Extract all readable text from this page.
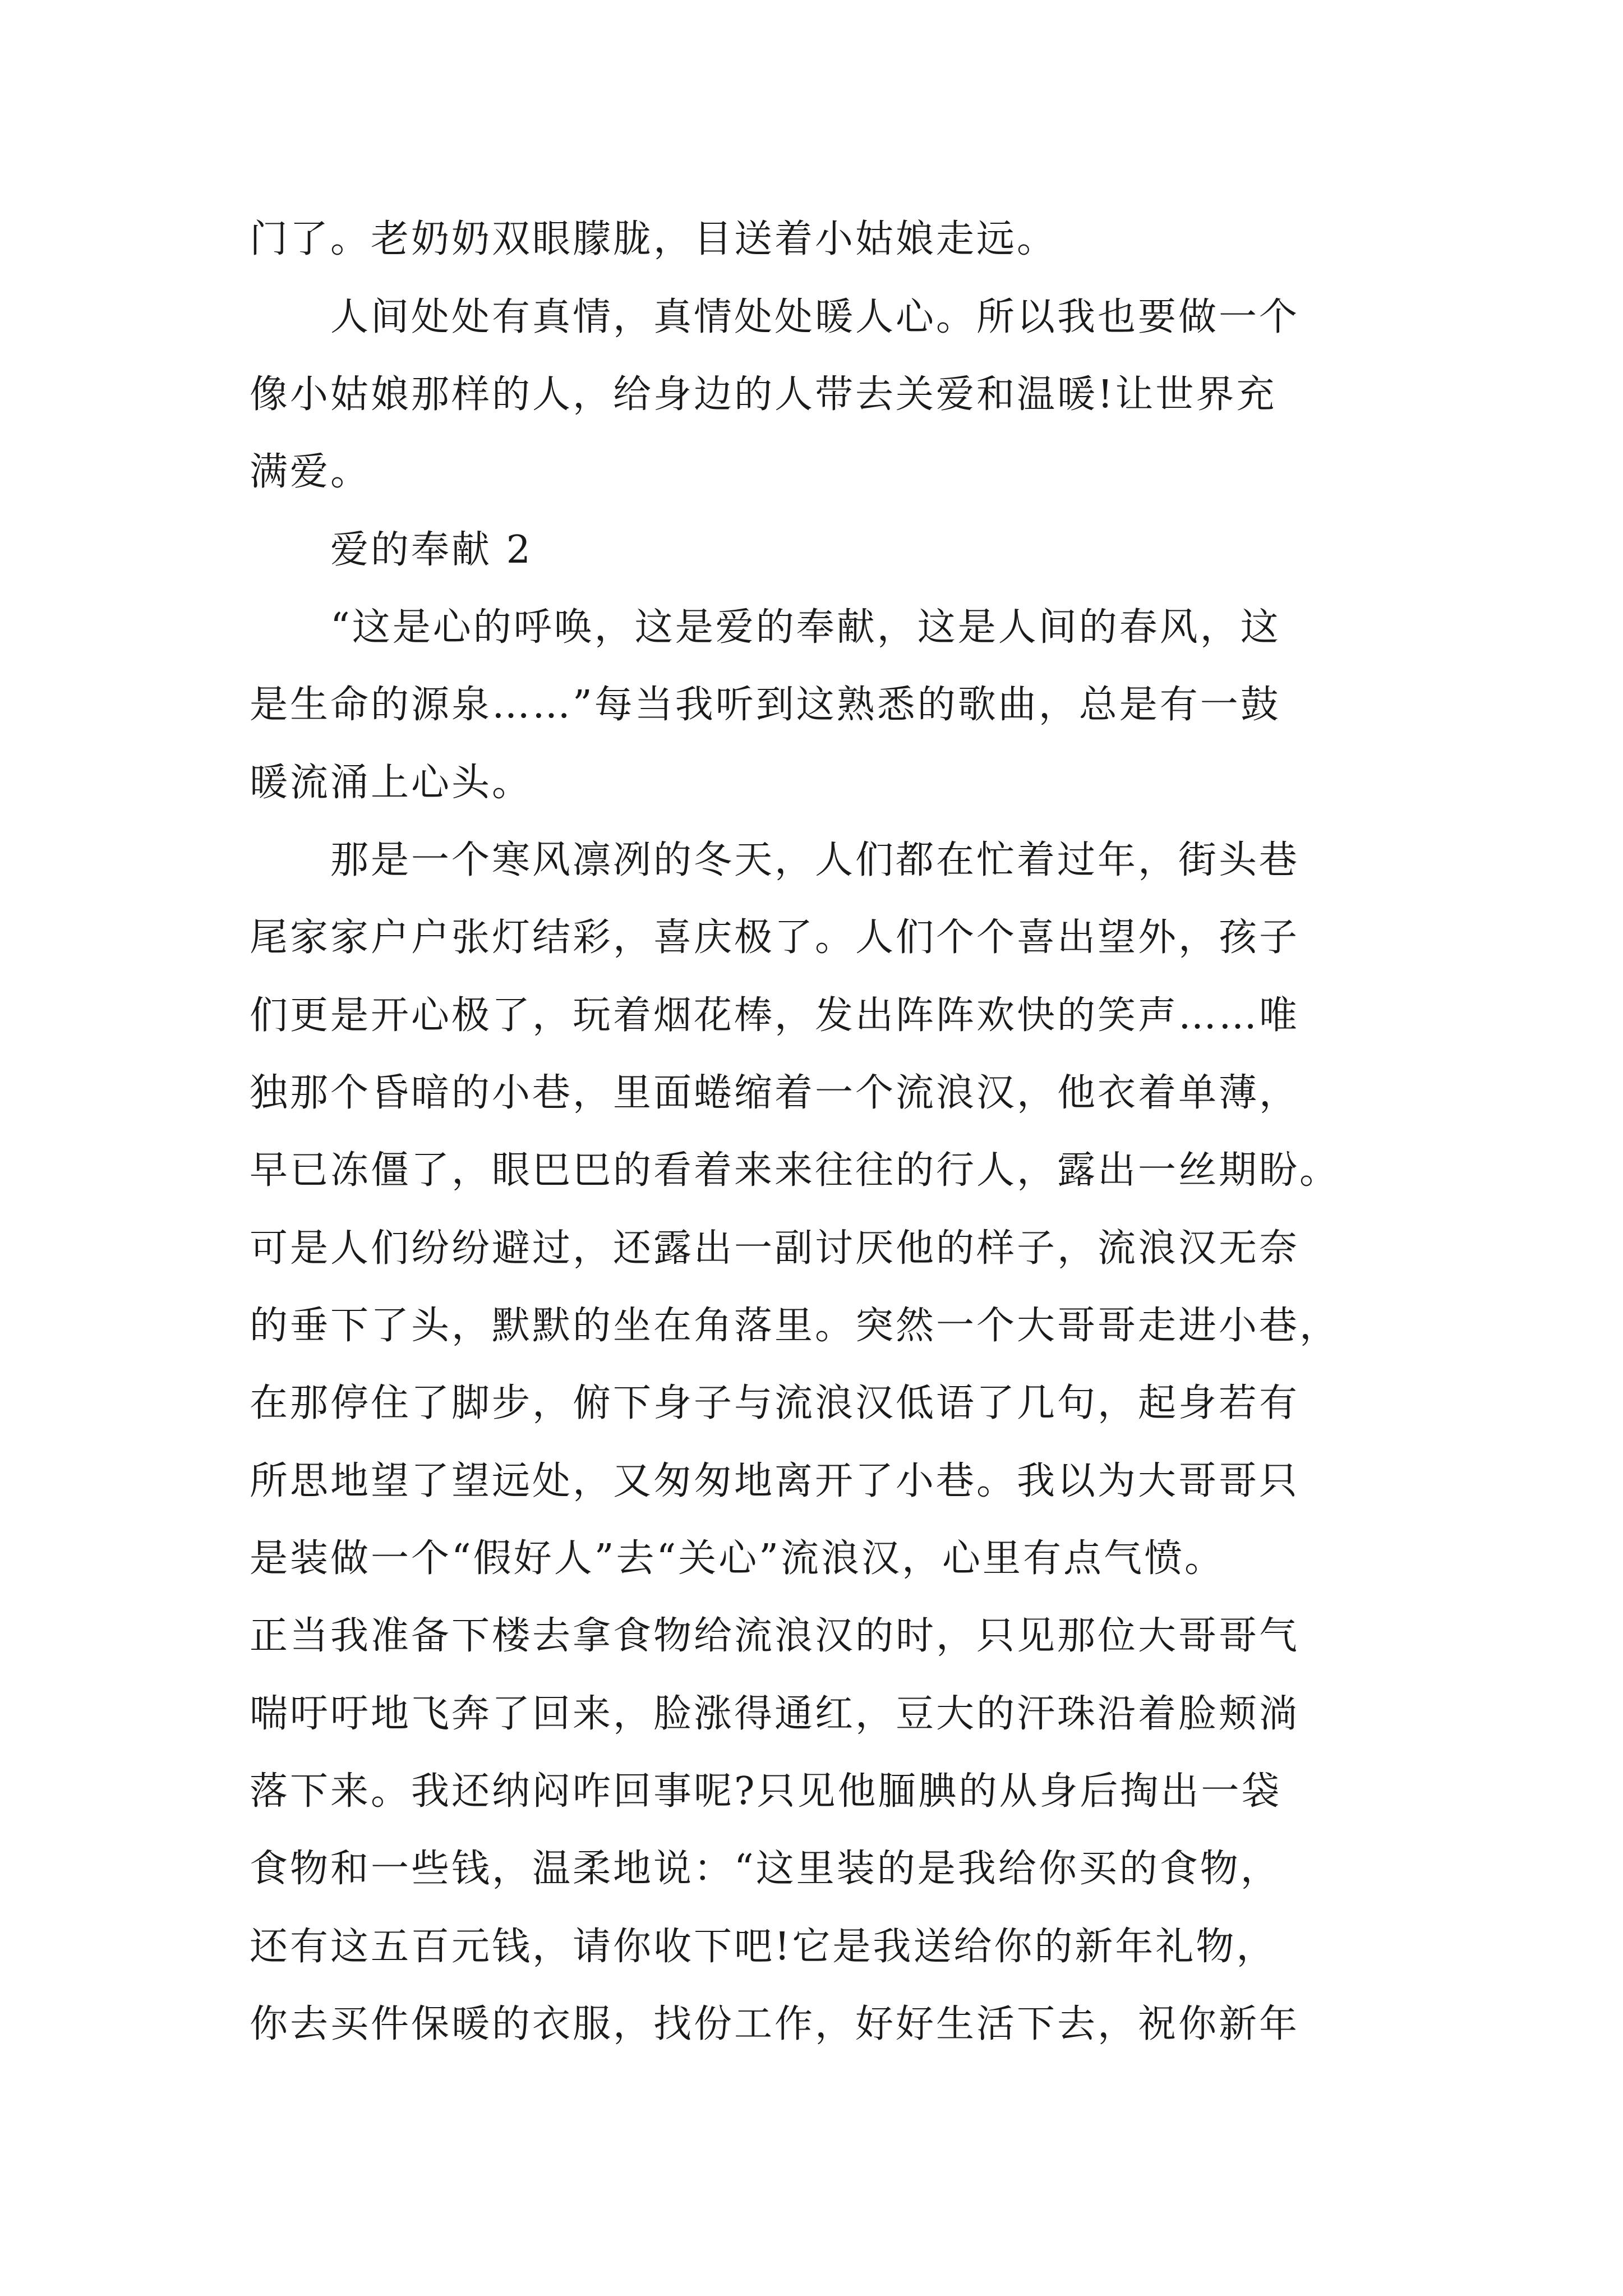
门了。老奶奶双眼朦胧，目送着小姑娘走远。
　　人间处处有真情，真情处处暖人心。所以我也要做一个
像小姑娘那样的人，给身边的人带去关爱和温暖!让世界充
满爱。
　　爱的奉献 2
　　“这是心的呼唤，这是爱的奉献，这是人间的春风，这
是生命的源泉……”每当我听到这熟悉的歌曲，总是有一鼓
暖流涌上心头。
　　那是一个寒风凛冽的冬天，人们都在忙着过年，街头巷
尾家家户户张灯结彩，喜庆极了。人们个个喜出望外，孩子
们更是开心极了，玩着烟花棒，发出阵阵欢快的笑声……唯
独那个昏暗的小巷，里面蜷缩着一个流浪汉，他衣着单薄，
早已冻僵了，眼巴巴的看着来来往往的行人，露出一丝期盼。
可是人们纷纷避过，还露出一副讨厌他的样子，流浪汉无奈
的垂下了头，默默的坐在角落里。突然一个大哥哥走进小巷，
在那停住了脚步，俯下身子与流浪汉低语了几句，起身若有
所思地望了望远处，又匆匆地离开了小巷。我以为大哥哥只
是装做一个“假好人”去“关心”流浪汉，心里有点气愤。
正当我准备下楼去拿食物给流浪汉的时，只见那位大哥哥气
喘吁吁地飞奔了回来，脸涨得通红，豆大的汗珠沿着脸颊淌
落下来。我还纳闷咋回事呢?只见他腼腆的从身后掏出一袋
食物和一些钱，温柔地说：“这里装的是我给你买的食物，
还有这五百元钱，请你收下吧!它是我送给你的新年礼物，
你去买件保暖的衣服，找份工作，好好生活下去，祝你新年
